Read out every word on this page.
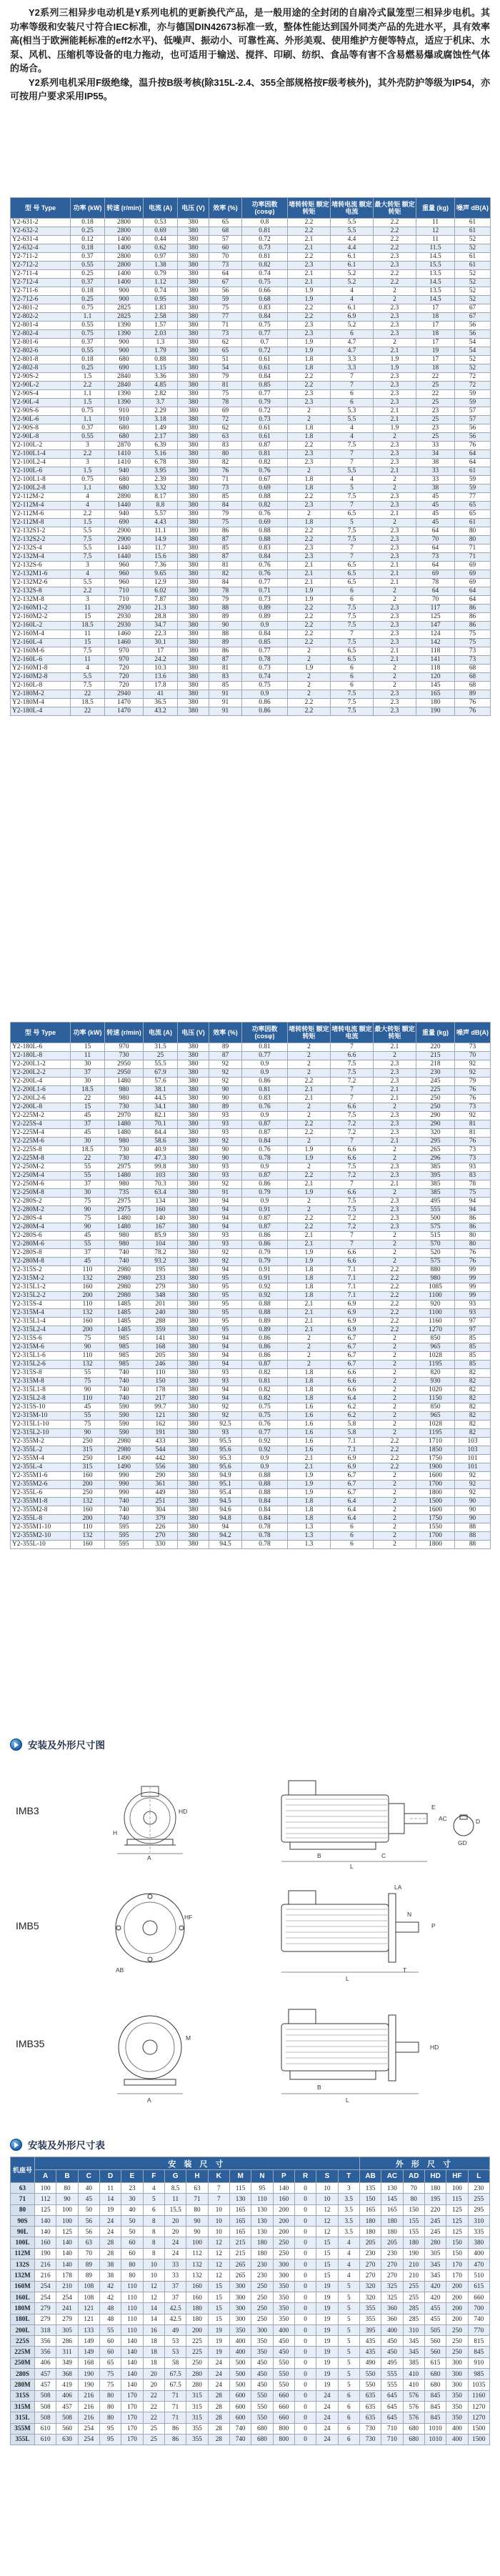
Y2系列三相异步电动机是Y系列电机的更新换代产品，是一般用途的全封闭的自扇冷式鼠笼型三相异步电机。其功率等级和安装尺寸符合IEC标准，亦与德国DIN42673标准一致，整体性能达到国外同类产品的先进水平，具有效率高(相当于欧洲能耗标准的eff2水平)、低噪声、振动小、可靠性高、外形美观、使用维护方便等特点，适应于机床、水泵、风机、压缩机等设备的电力拖动，也可适用于输送、搅拌、印刷、纺织、食品等有害不含易燃易爆或腐蚀性气体的场合。

Y2系列电机采用F级绝缘，温升按B级考核(除315L-2.4、355全部规格按F级考核外)，其外壳防护等级为IP54，亦可按用户要求采用IP55。

型 号 Type	功率 (kW)	转速 (r/min)	电流 (A)	电压 (V)	效率 (%)	功率因数 (cosφ)	堵转转矩 额定转矩	堵转电流 额定电流	最大转矩 额定转矩	重量 (kg)	噪声 dB(A)
Y2-631-2	0.18	2800	0.53	380	65	0.8	2.2	5.5	2.2	11	61
Y2-632-2	0.25	2800	0.69	380	68	0.81	2.2	5.5	2.2	12	61
Y2-631-4	0.12	1400	0.44	380	57	0.72	2.1	4.4	2.2	11	52
Y2-632-4	0.18	1400	0.62	380	60	0.73	2.1	4.4	2.2	11.5	52
Y2-711-2	0.37	2800	0.97	380	70	0.81	2.2	6.1	2.3	14.5	61
Y2-712-2	0.55	2800	1.38	380	73	0.82	2.3	6.1	2.3	15.5	61
Y2-711-4	0.25	1400	0.79	380	64	0.74	2.1	5.2	2.2	13.5	52
Y2-712-4	0.37	1400	1.12	380	67	0.75	2.1	5.2	2.2	14.5	52
Y2-711-6	0.18	900	0.74	380	56	0.66	1.9	4	2	13.5	52
Y2-712-6	0.25	900	0.95	380	59	0.68	1.9	4	2	14.5	52
Y2-801-2	0.75	2825	1.83	380	75	0.83	2.2	6.1	2.3	17	67
Y2-802-2	1.1	2825	2.58	380	77	0.84	2.2	6.9	2.3	18	67
Y2-801-4	0.55	1390	1.57	380	71	0.75	2.3	5.2	2.3	17	56
Y2-802-4	0.75	1390	2.03	380	73	0.77	2.3	6	2.3	18	56
Y2-801-6	0.37	900	1.3	380	62	0.7	1.9	4.7	2	17	54
Y2-802-6	0.55	900	1.79	380	65	0.72	1.9	4.7	2.1	19	54
Y2-801-8	0.18	680	0.88	380	51	0.61	1.8	3.3	1.9	17	52
Y2-802-8	0.25	690	1.15	380	54	0.61	1.8	3.3	1.9	18	52
Y2-90S-2	1.5	2840	3.36	380	79	0.84	2.2	7	2.3	22	72
Y2-90L-2	2.2	2840	4.85	380	81	0.85	2.2	7	2.3	25	72
Y2-90S-4	1.1	1390	2.82	380	75	0.77	2.3	6	2.3	22	59
Y2-90L-4	1.5	1390	3.7	380	78	0.79	2.3	6	2.3	25	59
Y2-90S-6	0.75	910	2.29	380	69	0.72	2	5.3	2.1	23	57
Y2-90L-6	1.1	910	3.18	380	72	0.73	2	5.5	2.1	25	57
Y2-90S-8	0.37	680	1.49	380	62	0.61	1.8	4	1.9	23	56
Y2-90L-8	0.55	680	2.17	380	63	0.61	1.8	4	2	25	56
Y2-100L-2	3	2870	6.39	380	83	0.87	2.2	7.5	2.3	33	76
Y2-100L1-4	2.2	1410	5.16	380	80	0.81	2.3	7	2.3	34	64
Y2-100L2-4	3	1410	6.78	380	82	0.82	2.3	7	2.3	38	64
Y2-100L-6	1.5	940	3.95	380	76	0.76	2	5.5	2.1	33	61
Y2-100L1-8	0.75	680	2.39	380	71	0.67	1.8	4	2	33	59
Y2-100L2-8	1.1	680	3.32	380	73	0.69	1.8	5	2	38	59
Y2-112M-2	4	2890	8.17	380	85	0.88	2.2	7.5	2.3	45	77
Y2-112M-4	4	1440	8.8	380	84	0.82	2.3	7	2.3	45	65
Y2-112M-6	2.2	940	5.57	380	79	0.76	2	6.5	2.1	45	65
Y2-112M-8	1.5	690	4.43	380	75	0.69	1.8	5	2	45	61
Y2-132S1-2	5.5	2900	11.1	380	86	0.88	2.2	7.5	2.3	64	80
Y2-132S2-2	7.5	2900	14.9	380	87	0.88	2.2	7.5	2.3	70	80
Y2-132S-4	5.5	1440	11.7	380	85	0.83	2.3	7	2.3	64	71
Y2-132M-4	7.5	1440	15.6	380	87	0.84	2.3	7	2.3	73	71
Y2-132S-6	3	960	7.36	380	81	0.76	2.1	6.5	2.1	64	69
Y2-132M1-6	4	960	9.65	380	82	0.76	2.1	6.5	2.1	69	69
Y2-132M2-6	5.5	960	12.9	380	84	0.77	2.1	6.5	2.1	78	69
Y2-132S-8	2.2	710	6.02	380	78	0.71	1.9	6	2	64	64
Y2-132M-8	3	710	7.87	380	79	0.73	1.9	6	2	70	64
Y2-160M1-2	11	2930	21.3	380	88	0.89	2.2	7.5	2.3	117	86
Y2-160M2-2	15	2930	28.8	380	89	0.89	2.2	7.5	2.3	125	86
Y2-160L-2	18.5	2930	34.7	380	90	0.9	2.2	7.5	2.3	147	86
Y2-160M-4	11	1460	22.3	380	88	0.84	2.2	7	2.3	124	75
Y2-160L-4	15	1460	30.1	380	89	0.85	2.2	7.5	2.3	142	75
Y2-160M-6	7.5	970	17	380	86	0.77	2	6.5	2.1	118	73
Y2-160L-6	11	970	24.2	380	87	0.78	2	6.5	2.1	141	73
Y2-160M1-8	4	720	10.3	380	81	0.73	1.9	6	2	118	68
Y2-160M2-8	5.5	720	13.6	380	83	0.74	2	6	2	120	68
Y2-160L-8	7.5	720	17.8	380	85	0.75	2	6	2	145	68
Y2-180M-2	22	2940	41	380	91	0.9	2	7.5	2.3	165	89
Y2-180M-4	18.5	1470	36.5	380	91	0.86	2.2	7.5	2.3	180	76
Y2-180L-4	22	1470	43.2	380	91	0.86	2.2	7.5	2.3	190	76
型 号 Type	功率 (kW)	转速 (r/min)	电流 (A)	电压 (V)	效率 (%)	功率因数 (cosφ)	堵转转矩 额定转矩	堵转电流 额定电流	最大转矩 额定转矩	重量 (kg)	噪声 dB(A)
Y2-180L-6	15	970	31.5	380	89	0.81	2	7	2.1	220	73
Y2-180L-8	11	730	25	380	87	0.77	2	6.6	2	215	70
Y2-200L1-2	30	2950	55.5	380	92	0.9	2	7.5	2.3	218	92
Y2-200L2-2	37	2950	67.9	380	92	0.9	2	7.5	2.3	230	92
Y2-200L-4	30	1480	57.6	380	92	0.86	2.2	7.2	2.3	245	79
Y2-200L1-6	18.5	980	38.1	380	90	0.81	2.1	7	2.1	225	76
Y2-200L2-6	22	980	44.5	380	90	0.83	2.1	7	2.1	250	76
Y2-200L-8	15	730	34.1	380	89	0.76	2	6.6	2	250	73
Y2-225M-2	45	2970	82.1	380	93	0.9	2	7.5	2.3	290	92
Y2-225S-4	37	1480	70.1	380	93	0.87	2.2	7.2	2.3	290	81
Y2-225M-4	45	1480	84.4	380	93	0.87	2.2	7.2	2.3	320	81
Y2-225M-6	30	980	58.6	380	92	0.84	2	7	2.1	295	76
Y2-225S-8	18.5	730	40.9	380	90	0.76	1.9	6.6	2	265	73
Y2-225M-8	22	730	47.3	380	90	0.78	1.9	6.6	2	296	73
Y2-250M-2	55	2975	99.8	380	93	0.9	2	7.5	2.3	385	93
Y2-250M-4	55	1480	103	380	93	0.87	2.2	7.2	2.3	395	83
Y2-250M-6	37	980	70.3	380	92	0.86	2.1	7	2.1	385	78
Y2-250M-8	30	735	63.4	380	91	0.79	1.9	6.6	2	385	75
Y2-280S-2	75	2975	134	380	94	0.9	2	7.5	2.3	495	94
Y2-280M-2	90	2975	160	380	94	0.91	2	7.5	2.3	555	94
Y2-280S-4	75	1480	140	380	94	0.87	2.2	7.2	2.3	500	86
Y2-280M-4	90	1480	167	380	94	0.87	2.2	7.2	2.3	575	86
Y2-280S-6	45	980	85.9	380	93	0.86	2.1	7	2	515	80
Y2-280M-6	55	980	104	380	93	0.86	2.1	7	2	570	80
Y2-280S-8	37	740	78.2	380	92	0.79	1.9	6.6	2	520	76
Y2-280M-8	45	740	93.2	380	92	0.79	1.9	6.6	2	575	76
Y2-315S-2	110	2980	195	380	94	0.91	1.8	7.1	2.2	880	99
Y2-315M-2	132	2980	233	380	95	0.91	1.8	7.1	2.2	980	99
Y2-315L1-2	160	2980	279	380	95	0.92	1.8	7.1	2.2	1085	99
Y2-315L2-2	200	2980	348	380	95	0.92	1.8	7.1	2.2	1100	99
Y2-315S-4	110	1485	201	380	95	0.88	2.1	6.9	2.2	920	93
Y2-315M-4	132	1485	240	380	95	0.88	2.1	6.9	2.2	1100	93
Y2-315L1-4	160	1485	288	380	95	0.89	2.1	6.9	2.2	1160	97
Y2-315L2-4	200	1485	359	380	95	0.89	2.1	6.9	2.2	1270	97
Y2-315S-6	75	985	141	380	94	0.86	2	6.7	2	850	85
Y2-315M-6	90	985	168	380	94	0.86	2	6.7	2	965	85
Y2-315L1-6	110	985	205	380	94	0.86	2	6.7	2	1028	85
Y2-315L2-6	132	985	246	380	94	0.87	2	6.7	2	1195	85
Y2-315S-8	55	740	110	380	93	0.82	1.8	6.6	2	820	82
Y2-315M-8	75	740	150	380	93	0.81	1.8	6.6	2	930	82
Y2-315L1-8	90	740	178	380	94	0.82	1.8	6.6	2	1020	82
Y2-315L2-8	110	740	217	380	94	0.82	1.8	6.4	2	1150	82
Y2-315S-10	45	590	99.7	380	92	0.75	1.6	6.2	2	850	82
Y2-315M-10	55	590	121	380	92	0.75	1.6	6.2	2	965	82
Y2-315L1-10	75	590	162	380	92.5	0.76	1.6	5.8	2	1028	82
Y2-315L2-10	90	590	191	380	93	0.77	1.6	5.8	2	1195	82
Y2-355M-2	250	2980	433	380	95.5	0.92	1.6	7.1	2.2	1710	103
Y2-355L-2	315	2980	544	380	95.6	0.92	1.6	7.1	2.2	1850	103
Y2-355M-4	250	1490	442	380	95.3	0.9	2.1	6.9	2.2	1750	101
Y2-355L-4	315	1490	556	380	95.6	0.9	2.1	6.9	2.2	1900	101
Y2-355M1-6	160	990	290	380	94.9	0.88	1.9	6.7	2	1600	92
Y2-355M2-6	200	990	361	380	95.1	0.88	1.9	6.7	2	1700	92
Y2-355L-6	250	990	449	380	95.4	0.88	1.9	6.7	2	1800	92
Y2-355M1-8	132	740	251	380	94.5	0.84	1.8	6.4	2	1500	90
Y2-355M2-8	160	740	304	380	94.6	0.84	1.8	6.4	2	1600	90
Y2-355L-8	200	740	379	380	94.8	0.84	1.8	6.4	2	1750	90
Y2-355M1-10	110	595	226	380	94	0.78	1.3	6	2	1550	88
Y2-355M2-10	132	595	270	380	94.2	0.78	1.3	6	2	1700	88
Y2-355L-10	160	595	330	380	94.5	0.78	1.3	6	2	1800	88
安装及外形尺寸图
IMB3
IMB5
IMB35
A
H
HD
L
B	C
AC
E
D
GD
AB
HF
L
P
N
LA
T
A
M
L
B
HD
安装及外形尺寸表
机座号	安 装 尺 寸															外 形 尺 寸					
	A	B	C	D	E	F	G	H	K	M	N	P	R	S	T	AB	AC	AD	HD	HF	L
63	100	80	40	11	23	4	8.5	63	7	115	95	140	0	10	3	135	130	70	180	100	230
71	112	90	45	14	30	5	11	71	7	130	110	160	0	10	3.5	150	145	80	195	115	255
80	125	100	50	19	40	6	15.5	80	10	165	130	200	0	12	3.5	165	165	150	220	125	295
90S	140	100	56	24	50	8	20	90	10	165	130	200	0	12	3.5	180	180	155	245	125	310
90L	140	125	56	24	50	8	20	90	10	165	130	200	0	12	3.5	180	180	155	245	125	335
100L	160	140	63	28	60	8	24	100	12	215	180	250	0	15	4	205	205	180	280	150	380
112M	190	140	70	28	60	8	24	112	12	215	180	250	0	15	4	230	230	190	305	150	400
132S	216	140	89	38	80	10	33	132	12	265	230	300	0	15	4	270	270	210	345	170	470
132M	216	178	89	38	80	10	33	132	12	265	230	300	0	15	4	270	270	210	345	170	510
160M	254	210	108	42	110	12	37	160	15	300	250	350	0	19	5	320	325	255	420	200	615
160L	254	254	108	42	110	12	37	160	15	300	250	350	0	19	5	320	325	255	420	200	660
180M	279	241	121	48	110	14	42.5	180	15	300	250	350	0	19	5	355	360	285	455	200	700
180L	279	279	121	48	110	14	42.5	180	15	300	250	350	0	19	5	355	360	285	455	200	740
200L	318	305	133	55	110	16	49	200	19	350	300	400	0	19	5	395	400	310	505	250	770
225S	356	286	149	60	140	18	53	225	19	400	350	450	0	19	5	435	450	345	560	250	815
225M	356	311	149	60	140	18	53	225	19	400	350	450	0	19	5	435	450	345	560	250	845
250M	406	349	168	65	140	18	58	250	24	500	450	550	0	19	5	490	495	385	615	300	910
280S	457	368	190	75	140	20	67.5	280	24	500	450	550	0	19	5	550	555	410	680	300	985
280M	457	419	190	75	140	20	67.5	280	24	500	450	550	0	19	5	550	555	410	680	300	1035
315S	508	406	216	80	170	22	71	315	28	600	550	660	0	24	6	635	645	576	845	350	1160
315M	508	457	216	80	170	22	71	315	28	600	550	660	0	24	6	635	645	576	845	350	1270
315L	508	508	216	80	170	22	71	315	28	600	550	660	0	24	6	635	645	576	845	350	1270
355M	610	560	254	95	170	25	86	355	28	740	680	800	0	24	6	730	710	680	1010	400	1500
355L	610	630	254	95	170	25	86	355	28	740	680	800	0	24	6	730	710	680	1010	400	1500
